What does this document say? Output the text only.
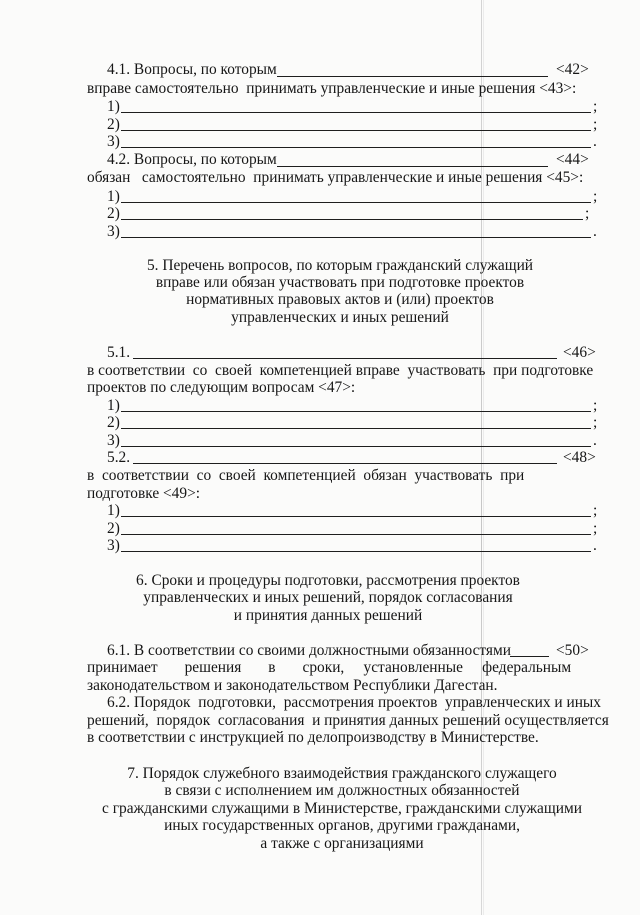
4.1. Вопросы, по которым	<42>
вправе самостоятельно  принимать управленческие и иные решения <43>:
1)	;
2)	;
3)	.
4.2. Вопросы, по которым	<44>
обязан   самостоятельно  принимать управленческие и иные решения <45>:
1)	;
2)	;
3)	.
5. Перечень вопросов, по которым гражданский служащий
вправе или обязан участвовать при подготовке проектов
нормативных правовых актов и (или) проектов
управленческих и иных решений
5.1.	<46>
в соответствии  со  своей  компетенцией вправе  участвовать  при подготовке
проектов по следующим вопросам <47>:
1)	;
2)	;
3)	.
5.2.	<48>
в  соответствии  со  своей  компетенцией  обязан  участвовать  при
подготовке <49>:
1)	;
2)	;
3)	.
6. Сроки и процедуры подготовки, рассмотрения проектов
управленческих и иных решений, порядок согласования
и принятия данных решений
6.1. В соответствии со своими должностными обязанностями	<50>
принимает       решения       в       сроки,     установленные     федеральным
законодательством и законодательством Республики Дагестан.
6.2. Порядок  подготовки,  рассмотрения проектов  управленческих и иных
решений,  порядок  согласования  и принятия данных решений осуществляется
в соответствии с инструкцией по делопроизводству в Министерстве.
7. Порядок служебного взаимодействия гражданского служащего
в связи с исполнением им должностных обязанностей
с гражданскими служащими в Министерстве, гражданскими служащими
иных государственных органов, другими гражданами,
а также с организациями
